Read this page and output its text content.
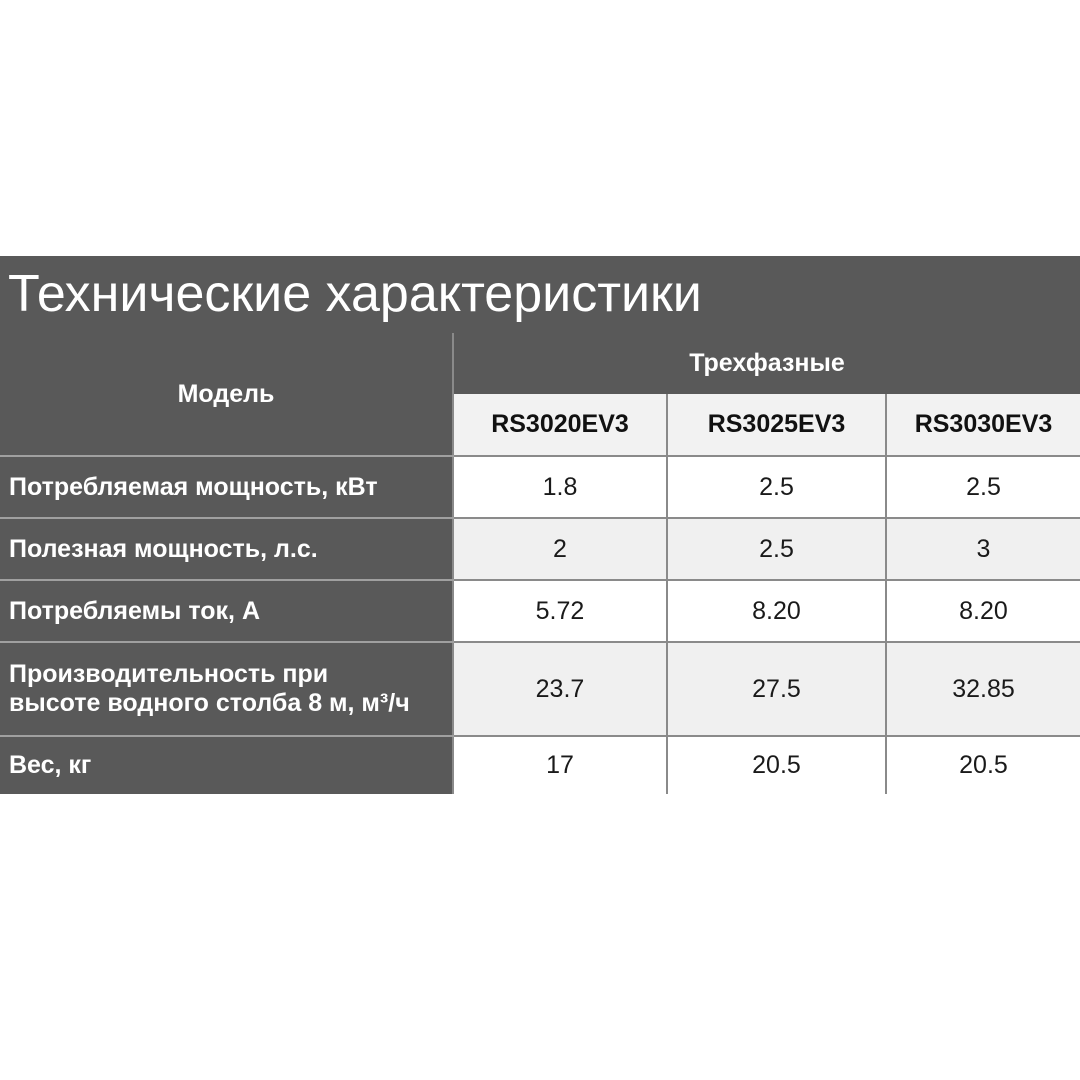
Технические характеристики
Модель	Трехфазные		
	RS3020EV3	RS3025EV3	RS3030EV3
Потребляемая мощность, кВт	1.8	2.5	2.5
Полезная мощность, л.с.	2	2.5	3
Потребляемы ток, А	5.72	8.20	8.20

Производительность при
высоте водного столба 8 м, м³/ч	23.7	27.5	32.85
Вес, кг	17	20.5	20.5
